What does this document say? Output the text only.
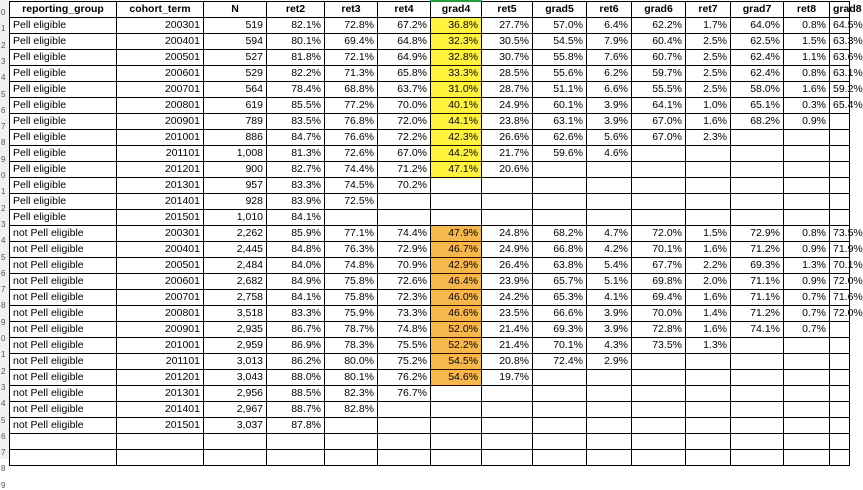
0
1
2
3
4
5
6
7
8
9
0
1
2
3
4
5
6
7
8
9
0
1
2
3
4
5
6
7
8
9
reporting_group	cohort_term	N	ret2	ret3	ret4	grad4	ret5	grad5	ret6	grad6	ret7	grad7	ret8	grad8
Pell eligible	200301	519	82.1%	72.8%	67.2%	36.8%	27.7%	57.0%	6.4%	62.2%	1.7%	64.0%	0.8%	64.5%
Pell eligible	200401	594	80.1%	69.4%	64.8%	32.3%	30.5%	54.5%	7.9%	60.4%	2.5%	62.5%	1.5%	63.3%
Pell eligible	200501	527	81.8%	72.1%	64.9%	32.8%	30.7%	55.8%	7.6%	60.7%	2.5%	62.4%	1.1%	63.6%
Pell eligible	200601	529	82.2%	71.3%	65.8%	33.3%	28.5%	55.6%	6.2%	59.7%	2.5%	62.4%	0.8%	63.1%
Pell eligible	200701	564	78.4%	68.8%	63.7%	31.0%	28.7%	51.1%	6.6%	55.5%	2.5%	58.0%	1.6%	59.2%
Pell eligible	200801	619	85.5%	77.2%	70.0%	40.1%	24.9%	60.1%	3.9%	64.1%	1.0%	65.1%	0.3%	65.4%
Pell eligible	200901	789	83.5%	76.8%	72.0%	44.1%	23.8%	63.1%	3.9%	67.0%	1.6%	68.2%	0.9%	
Pell eligible	201001	886	84.7%	76.6%	72.2%	42.3%	26.6%	62.6%	5.6%	67.0%	2.3%			
Pell eligible	201101	1,008	81.3%	72.6%	67.0%	44.2%	21.7%	59.6%	4.6%					
Pell eligible	201201	900	82.7%	74.4%	71.2%	47.1%	20.6%							
Pell eligible	201301	957	83.3%	74.5%	70.2%									
Pell eligible	201401	928	83.9%	72.5%										
Pell eligible	201501	1,010	84.1%											
not Pell eligible	200301	2,262	85.9%	77.1%	74.4%	47.9%	24.8%	68.2%	4.7%	72.0%	1.5%	72.9%	0.8%	73.5%
not Pell eligible	200401	2,445	84.8%	76.3%	72.9%	46.7%	24.9%	66.8%	4.2%	70.1%	1.6%	71.2%	0.9%	71.9%
not Pell eligible	200501	2,484	84.0%	74.8%	70.9%	42.9%	26.4%	63.8%	5.4%	67.7%	2.2%	69.3%	1.3%	70.1%
not Pell eligible	200601	2,682	84.9%	75.8%	72.6%	46.4%	23.9%	65.7%	5.1%	69.8%	2.0%	71.1%	0.9%	72.0%
not Pell eligible	200701	2,758	84.1%	75.8%	72.3%	46.0%	24.2%	65.3%	4.1%	69.4%	1.6%	71.1%	0.7%	71.6%
not Pell eligible	200801	3,518	83.3%	75.9%	73.3%	46.6%	23.5%	66.6%	3.9%	70.0%	1.4%	71.2%	0.7%	72.0%
not Pell eligible	200901	2,935	86.7%	78.7%	74.8%	52.0%	21.4%	69.3%	3.9%	72.8%	1.6%	74.1%	0.7%	
not Pell eligible	201001	2,959	86.9%	78.3%	75.5%	52.2%	21.4%	70.1%	4.3%	73.5%	1.3%			
not Pell eligible	201101	3,013	86.2%	80.0%	75.2%	54.5%	20.8%	72.4%	2.9%					
not Pell eligible	201201	3,043	88.0%	80.1%	76.2%	54.6%	19.7%							
not Pell eligible	201301	2,956	88.5%	82.3%	76.7%									
not Pell eligible	201401	2,967	88.7%	82.8%										
not Pell eligible	201501	3,037	87.8%											
